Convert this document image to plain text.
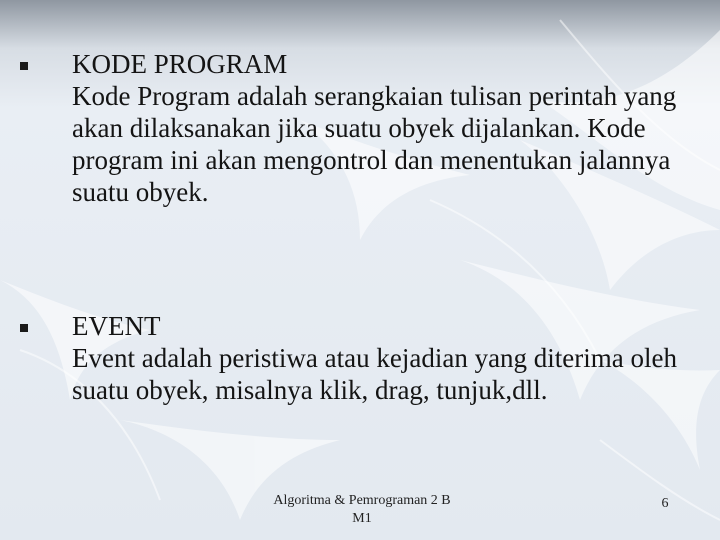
KODE PROGRAM
Kode Program adalah serangkaian tulisan perintah yang akan dilaksanakan jika suatu obyek dijalankan. Kode program ini akan mengontrol dan menentukan jalannya suatu obyek.
EVENT
Event adalah peristiwa atau kejadian yang diterima oleh suatu obyek, misalnya klik, drag, tunjuk,dll.
Algoritma & Pemrograman 2 B M1
6
